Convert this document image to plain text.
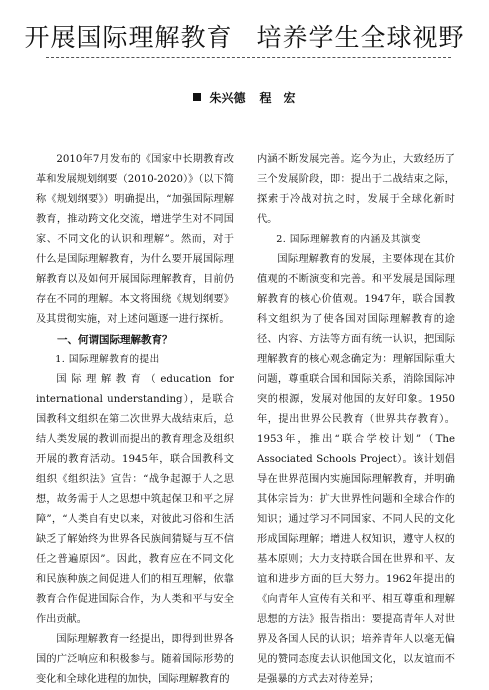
开展国际理解教育 培养学生全球视野
朱兴德 程　宏

2010年7月发布的《国家中长期教育改革和发展规划纲要（2010-2020）》（以下简称《规划纲要》）明确提出，“加强国际理解教育，推动跨文化交流，增进学生对不同国家、不同文化的认识和理解”。然而，对于什么是国际理解教育，为什么要开展国际理解教育以及如何开展国际理解教育，目前仍存在不同的理解。本文将围绕《规划纲要》及其贯彻实施，对上述问题逐一进行探析。

一、何谓国际理解教育？

1. 国际理解教育的提出

国际理解教育（education for international understanding），是联合国教科文组织在第二次世界大战结束后，总结人类发展的教训而提出的教育理念及组织开展的教育活动。1945年，联合国教科文组织《组织法》宣告：“战争起源于人之思想，故务需于人之思想中筑起保卫和平之屏障”，“人类自有史以来，对彼此习俗和生活缺乏了解始终为世界各民族间猜疑与互不信任之普遍原因”。因此，教育应在不同文化和民族种族之间促进人们的相互理解，依靠教育合作促进国际合作，为人类和平与安全作出贡献。

国际理解教育一经提出，即得到世界各国的广泛响应和积极参与。随着国际形势的变化和全球化进程的加快，国际理解教育的

内涵不断发展完善。迄今为止，大致经历了三个发展阶段，即：提出于二战结束之际，探索于冷战对抗之时，发展于全球化新时代。

2. 国际理解教育的内涵及其演变

国际理解教育的发展，主要体现在其价值观的不断演变和完善。和平发展是国际理解教育的核心价值观。1947年，联合国教科文组织为了使各国对国际理解教育的途径、内容、方法等方面有统一认识，把国际理解教育的核心观念确定为：理解国际重大问题，尊重联合国和国际关系，消除国际冲突的根源，发展对他国的友好印象。1950年，提出世界公民教育（世界共存教育）。1953年，推出“联合学校计划”（The Associated Schools Project）。该计划倡导在世界范围内实施国际理解教育，并明确其体宗旨为：扩大世界性问题和全球合作的知识；通过学习不同国家、不同人民的文化形成国际理解；增进人权知识，遵守人权的基本原则；大力支持联合国在世界和平、友谊和进步方面的巨大努力。1962年提出的《向青年人宣传有关和平、相互尊重和理解思想的方法》报告指出：要提高青年人对世界及各国人民的认识；培养青年人以毫无偏见的赞同态度去认识他国文化，以友谊而不是强暴的方式去对待差异；
